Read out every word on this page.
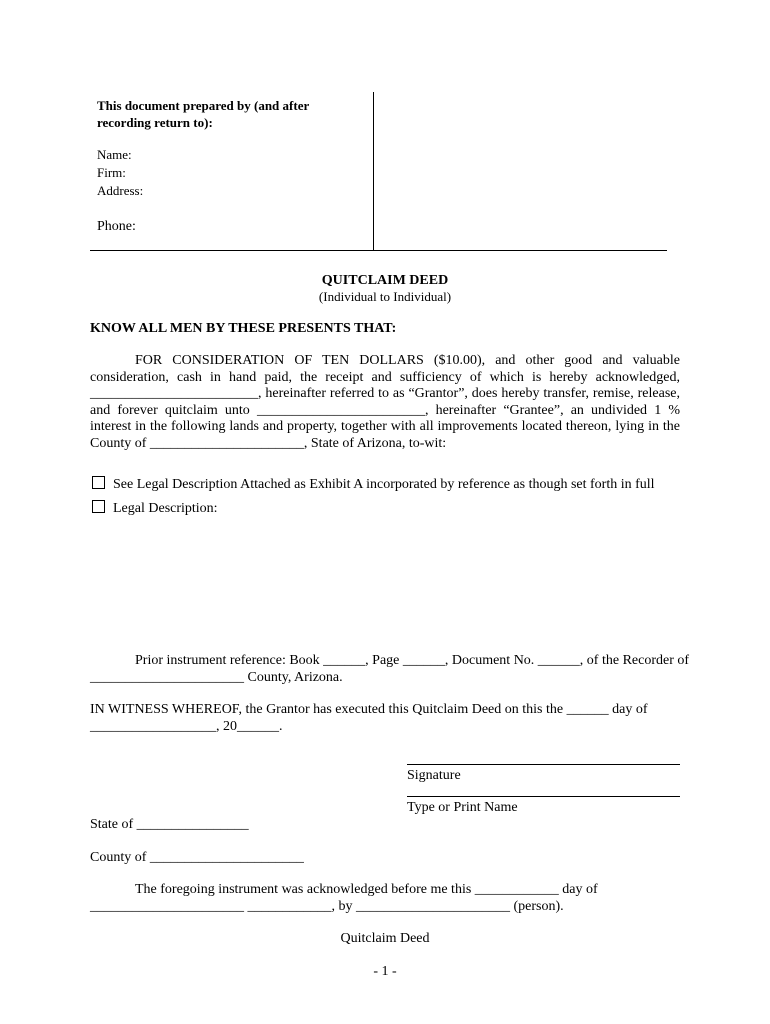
This document prepared by (and after recording return to):
Name:
Firm:
Address:
Phone:
QUITCLAIM DEED
(Individual to Individual)
KNOW ALL MEN BY THESE PRESENTS THAT:
FOR CONSIDERATION OF TEN DOLLARS ($10.00), and other good and valuable
consideration, cash in hand paid, the receipt and sufficiency of which is hereby acknowledged,
________________________, hereinafter referred to as “Grantor”, does hereby transfer, remise, release,
and forever quitclaim unto ________________________, hereinafter “Grantee”, an undivided 1 %
interest in the following lands and property, together with all improvements located thereon, lying in the
County of ______________________, State of Arizona, to-wit:
See Legal Description Attached as Exhibit A incorporated by reference as though set forth in full
Legal Description:
Prior instrument reference: Book ______, Page ______, Document No. ______, of the Recorder of
______________________ County, Arizona.
IN WITNESS WHEREOF, the Grantor has executed this Quitclaim Deed on this the ______ day of
__________________, 20______.
Signature
Type or Print Name
State of ________________
County of ______________________
The foregoing instrument was acknowledged before me this ____________ day of
______________________ ____________, by ______________________ (person).
Quitclaim Deed
- 1 -
